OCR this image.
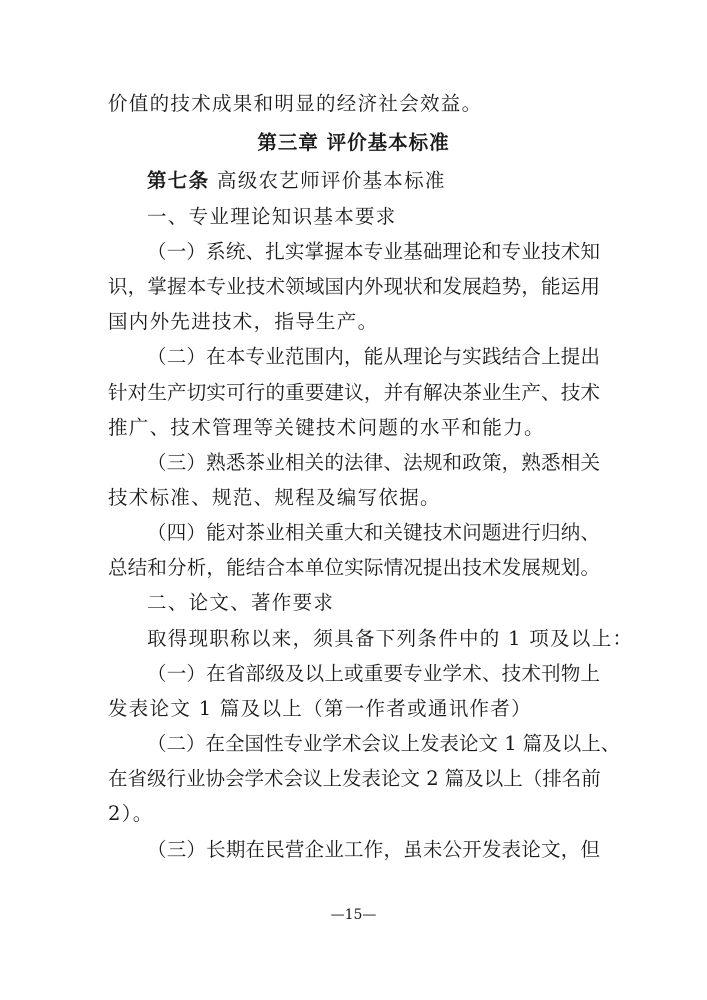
价值的技术成果和明显的经济社会效益。
第三章 评价基本标准
第七条 高级农艺师评价基本标准
一、专业理论知识基本要求
（一）系统、扎实掌握本专业基础理论和专业技术知
识，掌握本专业技术领域国内外现状和发展趋势，能运用
国内外先进技术，指导生产。
（二）在本专业范围内，能从理论与实践结合上提出
针对生产切实可行的重要建议，并有解决茶业生产、技术
推广、技术管理等关键技术问题的水平和能力。
（三）熟悉茶业相关的法律、法规和政策，熟悉相关
技术标准、规范、规程及编写依据。
（四）能对茶业相关重大和关键技术问题进行归纳、
总结和分析，能结合本单位实际情况提出技术发展规划。
二、论文、著作要求
取得现职称以来，须具备下列条件中的 1 项及以上：
（一）在省部级及以上或重要专业学术、技术刊物上
发表论文 1 篇及以上（第一作者或通讯作者）
（二）在全国性专业学术会议上发表论文 1 篇及以上、
在省级行业协会学术会议上发表论文 2 篇及以上（排名前
2）。
（三）长期在民营企业工作，虽未公开发表论文，但
—15—
